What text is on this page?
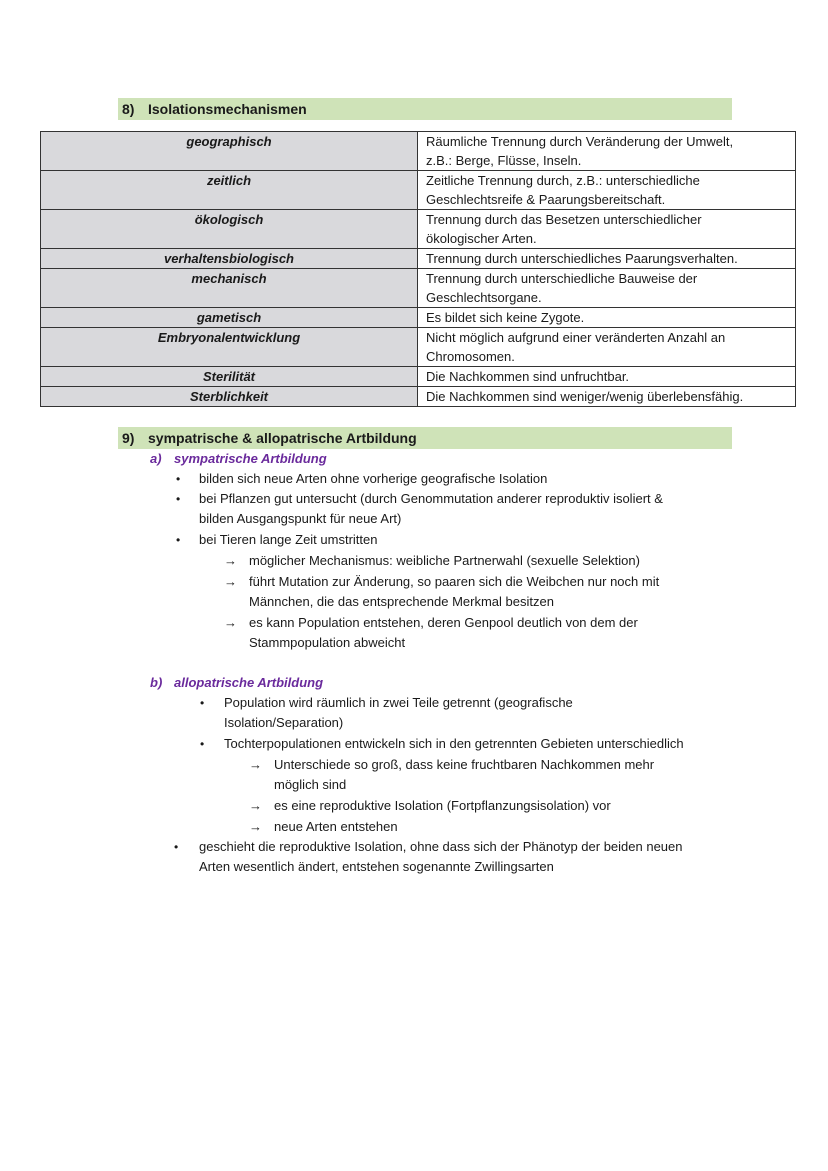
8) Isolationsmechanismen
geographisch	Räumliche Trennung durch Veränderung der Umwelt,
z.B.: Berge, Flüsse, Inseln.

zeitlich	Zeitliche Trennung durch, z.B.: unterschiedliche
Geschlechtsreife & Paarungsbereitschaft.

ökologisch	Trennung durch das Besetzen unterschiedlicher
ökologischer Arten.

verhaltensbiologisch	Trennung durch unterschiedliches Paarungsverhalten.

mechanisch	Trennung durch unterschiedliche Bauweise der
Geschlechtsorgane.

gametisch	Es bildet sich keine Zygote.

Embryonalentwicklung	Nicht möglich aufgrund einer veränderten Anzahl an
Chromosomen.

Sterilität	Die Nachkommen sind unfruchtbar.

Sterblichkeit	Die Nachkommen sind weniger/wenig überlebensfähig.
9) sympatrische & allopatrische Artbildung
a) sympatrische Artbildung
• bilden sich neue Arten ohne vorherige geografische Isolation
• bei Pflanzen gut untersucht (durch Genommutation anderer reproduktiv isoliert &
bilden Ausgangspunkt für neue Art)
• bei Tieren lange Zeit umstritten
→ möglicher Mechanismus: weibliche Partnerwahl (sexuelle Selektion)
→ führt Mutation zur Änderung, so paaren sich die Weibchen nur noch mit
Männchen, die das entsprechende Merkmal besitzen
→ es kann Population entstehen, deren Genpool deutlich von dem der
Stammpopulation abweicht
b) allopatrische Artbildung
• Population wird räumlich in zwei Teile getrennt (geografische
Isolation/Separation)
• Tochterpopulationen entwickeln sich in den getrennten Gebieten unterschiedlich
→ Unterschiede so groß, dass keine fruchtbaren Nachkommen mehr
möglich sind
→ es eine reproduktive Isolation (Fortpflanzungsisolation) vor
→ neue Arten entstehen
• geschieht die reproduktive Isolation, ohne dass sich der Phänotyp der beiden neuen
Arten wesentlich ändert, entstehen sogenannte Zwillingsarten
